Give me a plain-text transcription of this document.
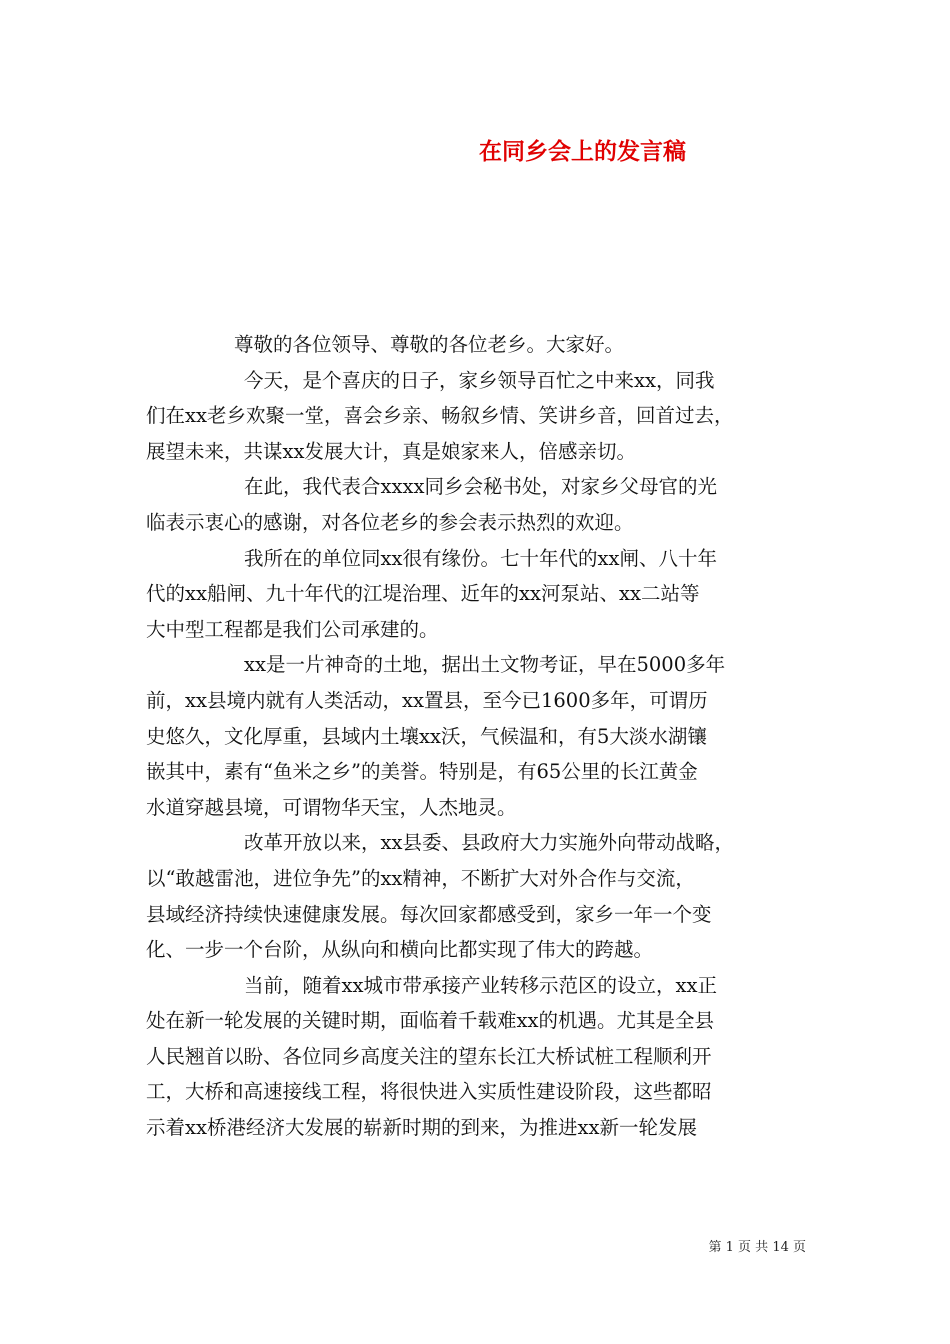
在同乡会上的发言稿
尊敬的各位领导、尊敬的各位老乡。大家好。
今天，是个喜庆的日子，家乡领导百忙之中来xx，同我
们在xx老乡欢聚一堂，喜会乡亲、畅叙乡情、笑讲乡音，回首过去，
展望未来，共谋xx发展大计，真是娘家来人，倍感亲切。
在此，我代表合xxxx同乡会秘书处，对家乡父母官的光
临表示衷心的感谢，对各位老乡的参会表示热烈的欢迎。
我所在的单位同xx很有缘份。七十年代的xx闸、八十年
代的xx船闸、九十年代的江堤治理、近年的xx河泵站、xx二站等
大中型工程都是我们公司承建的。
xx是一片神奇的土地，据出土文物考证，早在5000多年
前，xx县境内就有人类活动，xx置县，至今已1600多年，可谓历
史悠久，文化厚重，县域内土壤xx沃，气候温和，有5大淡水湖镶
嵌其中，素有“鱼米之乡”的美誉。特别是，有65公里的长江黄金
水道穿越县境，可谓物华天宝，人杰地灵。
改革开放以来，xx县委、县政府大力实施外向带动战略，
以“敢越雷池，进位争先”的xx精神，不断扩大对外合作与交流，
县域经济持续快速健康发展。每次回家都感受到，家乡一年一个变
化、一步一个台阶，从纵向和横向比都实现了伟大的跨越。
当前，随着xx城市带承接产业转移示范区的设立，xx正
处在新一轮发展的关键时期，面临着千载难xx的机遇。尤其是全县
人民翘首以盼、各位同乡高度关注的望东长江大桥试桩工程顺利开
工，大桥和高速接线工程，将很快进入实质性建设阶段，这些都昭
示着xx桥港经济大发展的崭新时期的到来，为推进xx新一轮发展
第 1 页 共 14 页
